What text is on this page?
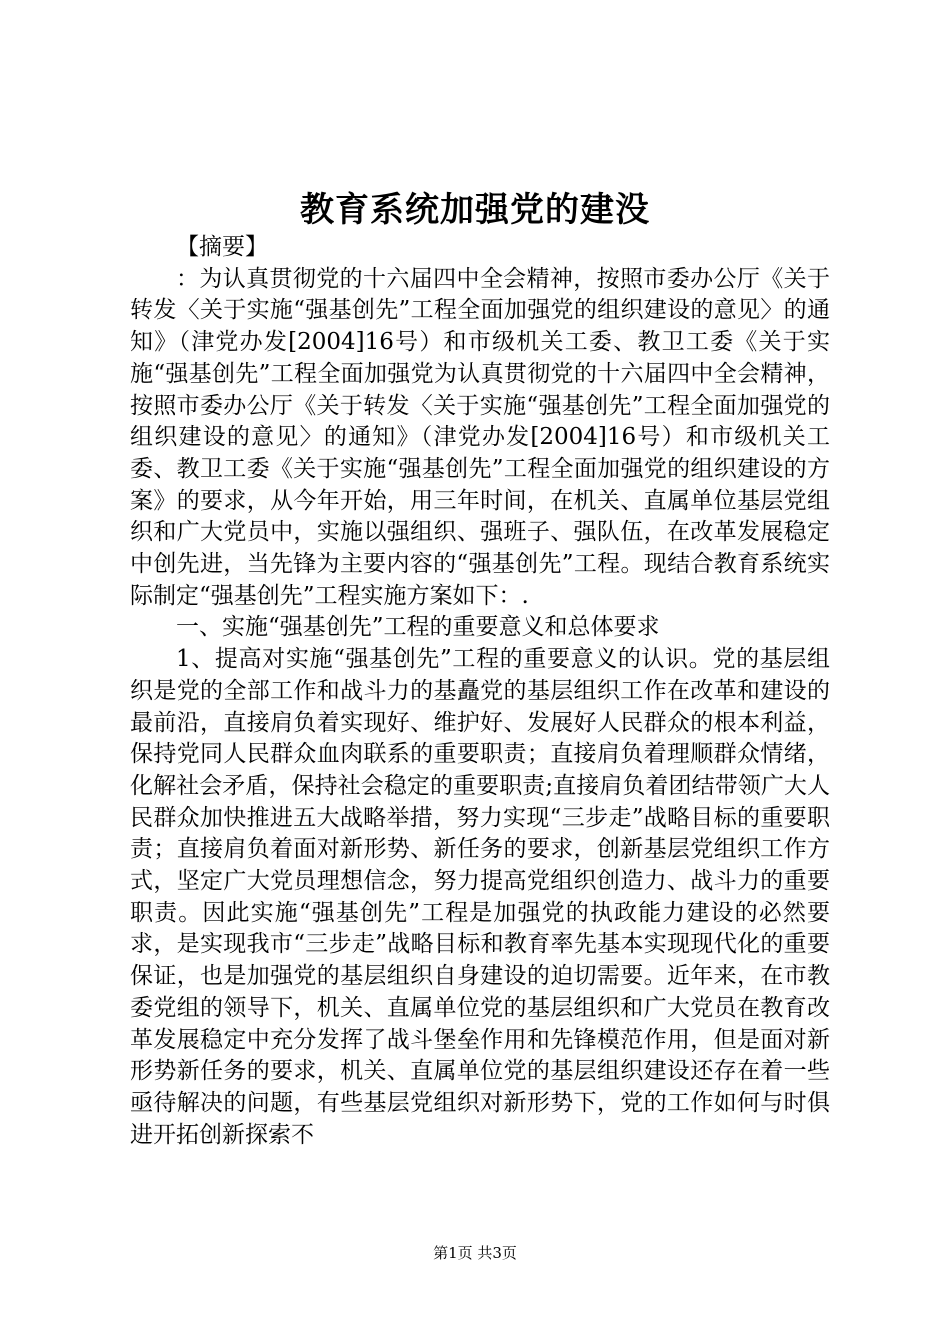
教育系统加强党的建没

【摘要】

：为认真贯彻党的十六届四中全会精神，按照市委办公厅《关于转发〈关于实施“强基创先”工程全面加强党的组织建设的意见〉的通知》（津党办发[2004]16号）和市级机关工委、教卫工委《关于实施“强基创先”工程全面加强党为认真贯彻党的十六届四中全会精神，按照市委办公厅《关于转发〈关于实施“强基创先”工程全面加强党的组织建设的意见〉的通知》（津党办发[2004]16号）和市级机关工委、教卫工委《关于实施“强基创先”工程全面加强党的组织建设的方案》的要求，从今年开始，用三年时间，在机关、直属单位基层党组织和广大党员中，实施以强组织、强班子、强队伍，在改革发展稳定中创先进，当先锋为主要内容的“强基创先”工程。现结合教育系统实际制定“强基创先”工程实施方案如下：.

一、实施“强基创先”工程的重要意义和总体要求

1、提高对实施“强基创先”工程的重要意义的认识。党的基层组织是党的全部工作和战斗力的基矗党的基层组织工作在改革和建设的最前沿，直接肩负着实现好、维护好、发展好人民群众的根本利益，保持党同人民群众血肉联系的重要职责；直接肩负着理顺群众情绪，化解社会矛盾，保持社会稳定的重要职责;直接肩负着团结带领广大人民群众加快推进五大战略举措，努力实现“三步走”战略目标的重要职责；直接肩负着面对新形势、新任务的要求，创新基层党组织工作方式，坚定广大党员理想信念，努力提高党组织创造力、战斗力的重要职责。因此实施“强基创先”工程是加强党的执政能力建设的必然要求，是实现我市“三步走”战略目标和教育率先基本实现现代化的重要保证，也是加强党的基层组织自身建设的迫切需要。近年来，在市教委党组的领导下，机关、直属单位党的基层组织和广大党员在教育改革发展稳定中充分发挥了战斗堡垒作用和先锋模范作用，但是面对新形势新任务的要求，机关、直属单位党的基层组织建设还存在着一些亟待解决的问题，有些基层党组织对新形势下，党的工作如何与时俱进开拓创新探索不

第1页 共3页
